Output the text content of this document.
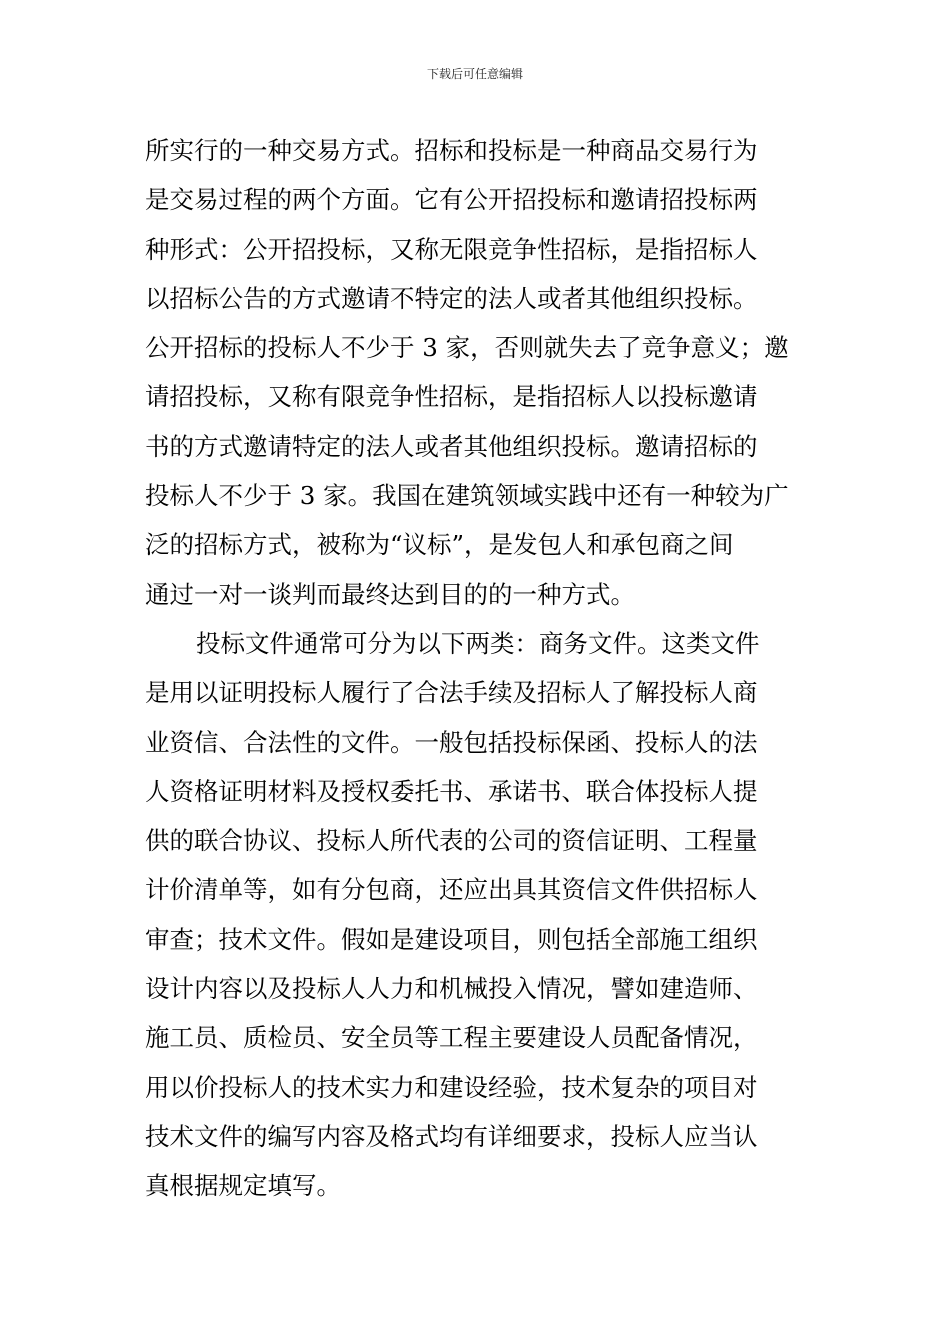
下载后可任意编辑
所实行的一种交易方式。招标和投标是一种商品交易行为
是交易过程的两个方面。它有公开招投标和邀请招投标两
种形式：公开招投标，又称无限竞争性招标，是指招标人
以招标公告的方式邀请不特定的法人或者其他组织投标。
公开招标的投标人不少于 3 家，否则就失去了竞争意义；邀
请招投标，又称有限竞争性招标，是指招标人以投标邀请
书的方式邀请特定的法人或者其他组织投标。邀请招标的
投标人不少于 3 家。我国在建筑领域实践中还有一种较为广
泛的招标方式，被称为“议标”，是发包人和承包商之间
通过一对一谈判而最终达到目的的一种方式。
投标文件通常可分为以下两类：商务文件。这类文件
是用以证明投标人履行了合法手续及招标人了解投标人商
业资信、合法性的文件。一般包括投标保函、投标人的法
人资格证明材料及授权委托书、承诺书、联合体投标人提
供的联合协议、投标人所代表的公司的资信证明、工程量
计价清单等，如有分包商，还应出具其资信文件供招标人
审查；技术文件。假如是建设项目，则包括全部施工组织
设计内容以及投标人人力和机械投入情况，譬如建造师、
施工员、质检员、安全员等工程主要建设人员配备情况，
用以价投标人的技术实力和建设经验，技术复杂的项目对
技术文件的编写内容及格式均有详细要求，投标人应当认
真根据规定填写。
